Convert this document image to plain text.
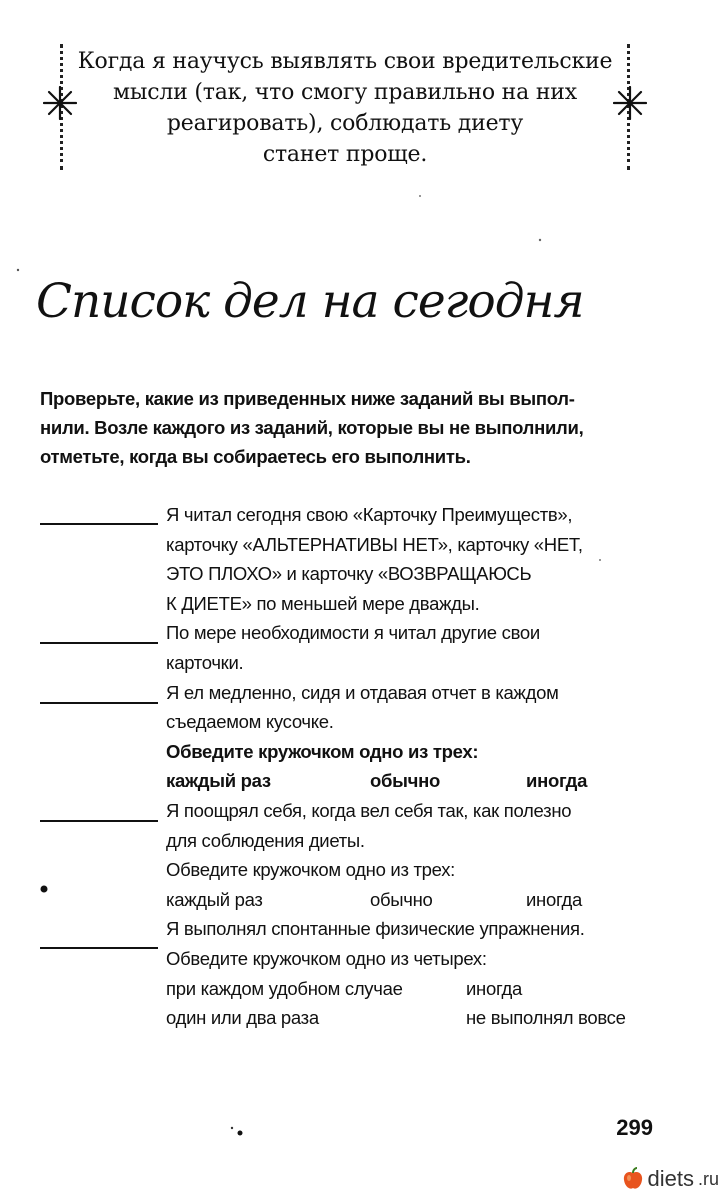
Когда я научусь выявлять свои вредительские
мысли (так, что смогу правильно на них
реагировать), соблюдать диету
станет проще.
Список дел на сегодня
Проверьте, какие из приведенных ниже заданий вы выпол-
нили. Возле каждого из заданий, которые вы не выполнили,
отметьте, когда вы собираетесь его выполнить.
Я читал сегодня свою «Карточку Преимуществ»,
карточку «АЛЬТЕРНАТИВЫ НЕТ», карточку «НЕТ,
ЭТО ПЛОХО» и карточку «ВОЗВРАЩАЮСЬ
К ДИЕТЕ» по меньшей мере дважды.
По мере необходимости я читал другие свои
карточки.
Я ел медленно, сидя и отдавая отчет в каждом
съедаемом кусочке.
Обведите кружочком одно из трех:
каждый раз	обычно	иногда
Я поощрял себя, когда вел себя так, как полезно
для соблюдения диеты.
Обведите кружочком одно из трех:
каждый раз	обычно	иногда
Я выполнял спонтанные физические упражнения.
Обведите кружочком одно из четырех:
при каждом удобном случае	иногда
один или два раза	не выполнял вовсе
299
diets .ru
